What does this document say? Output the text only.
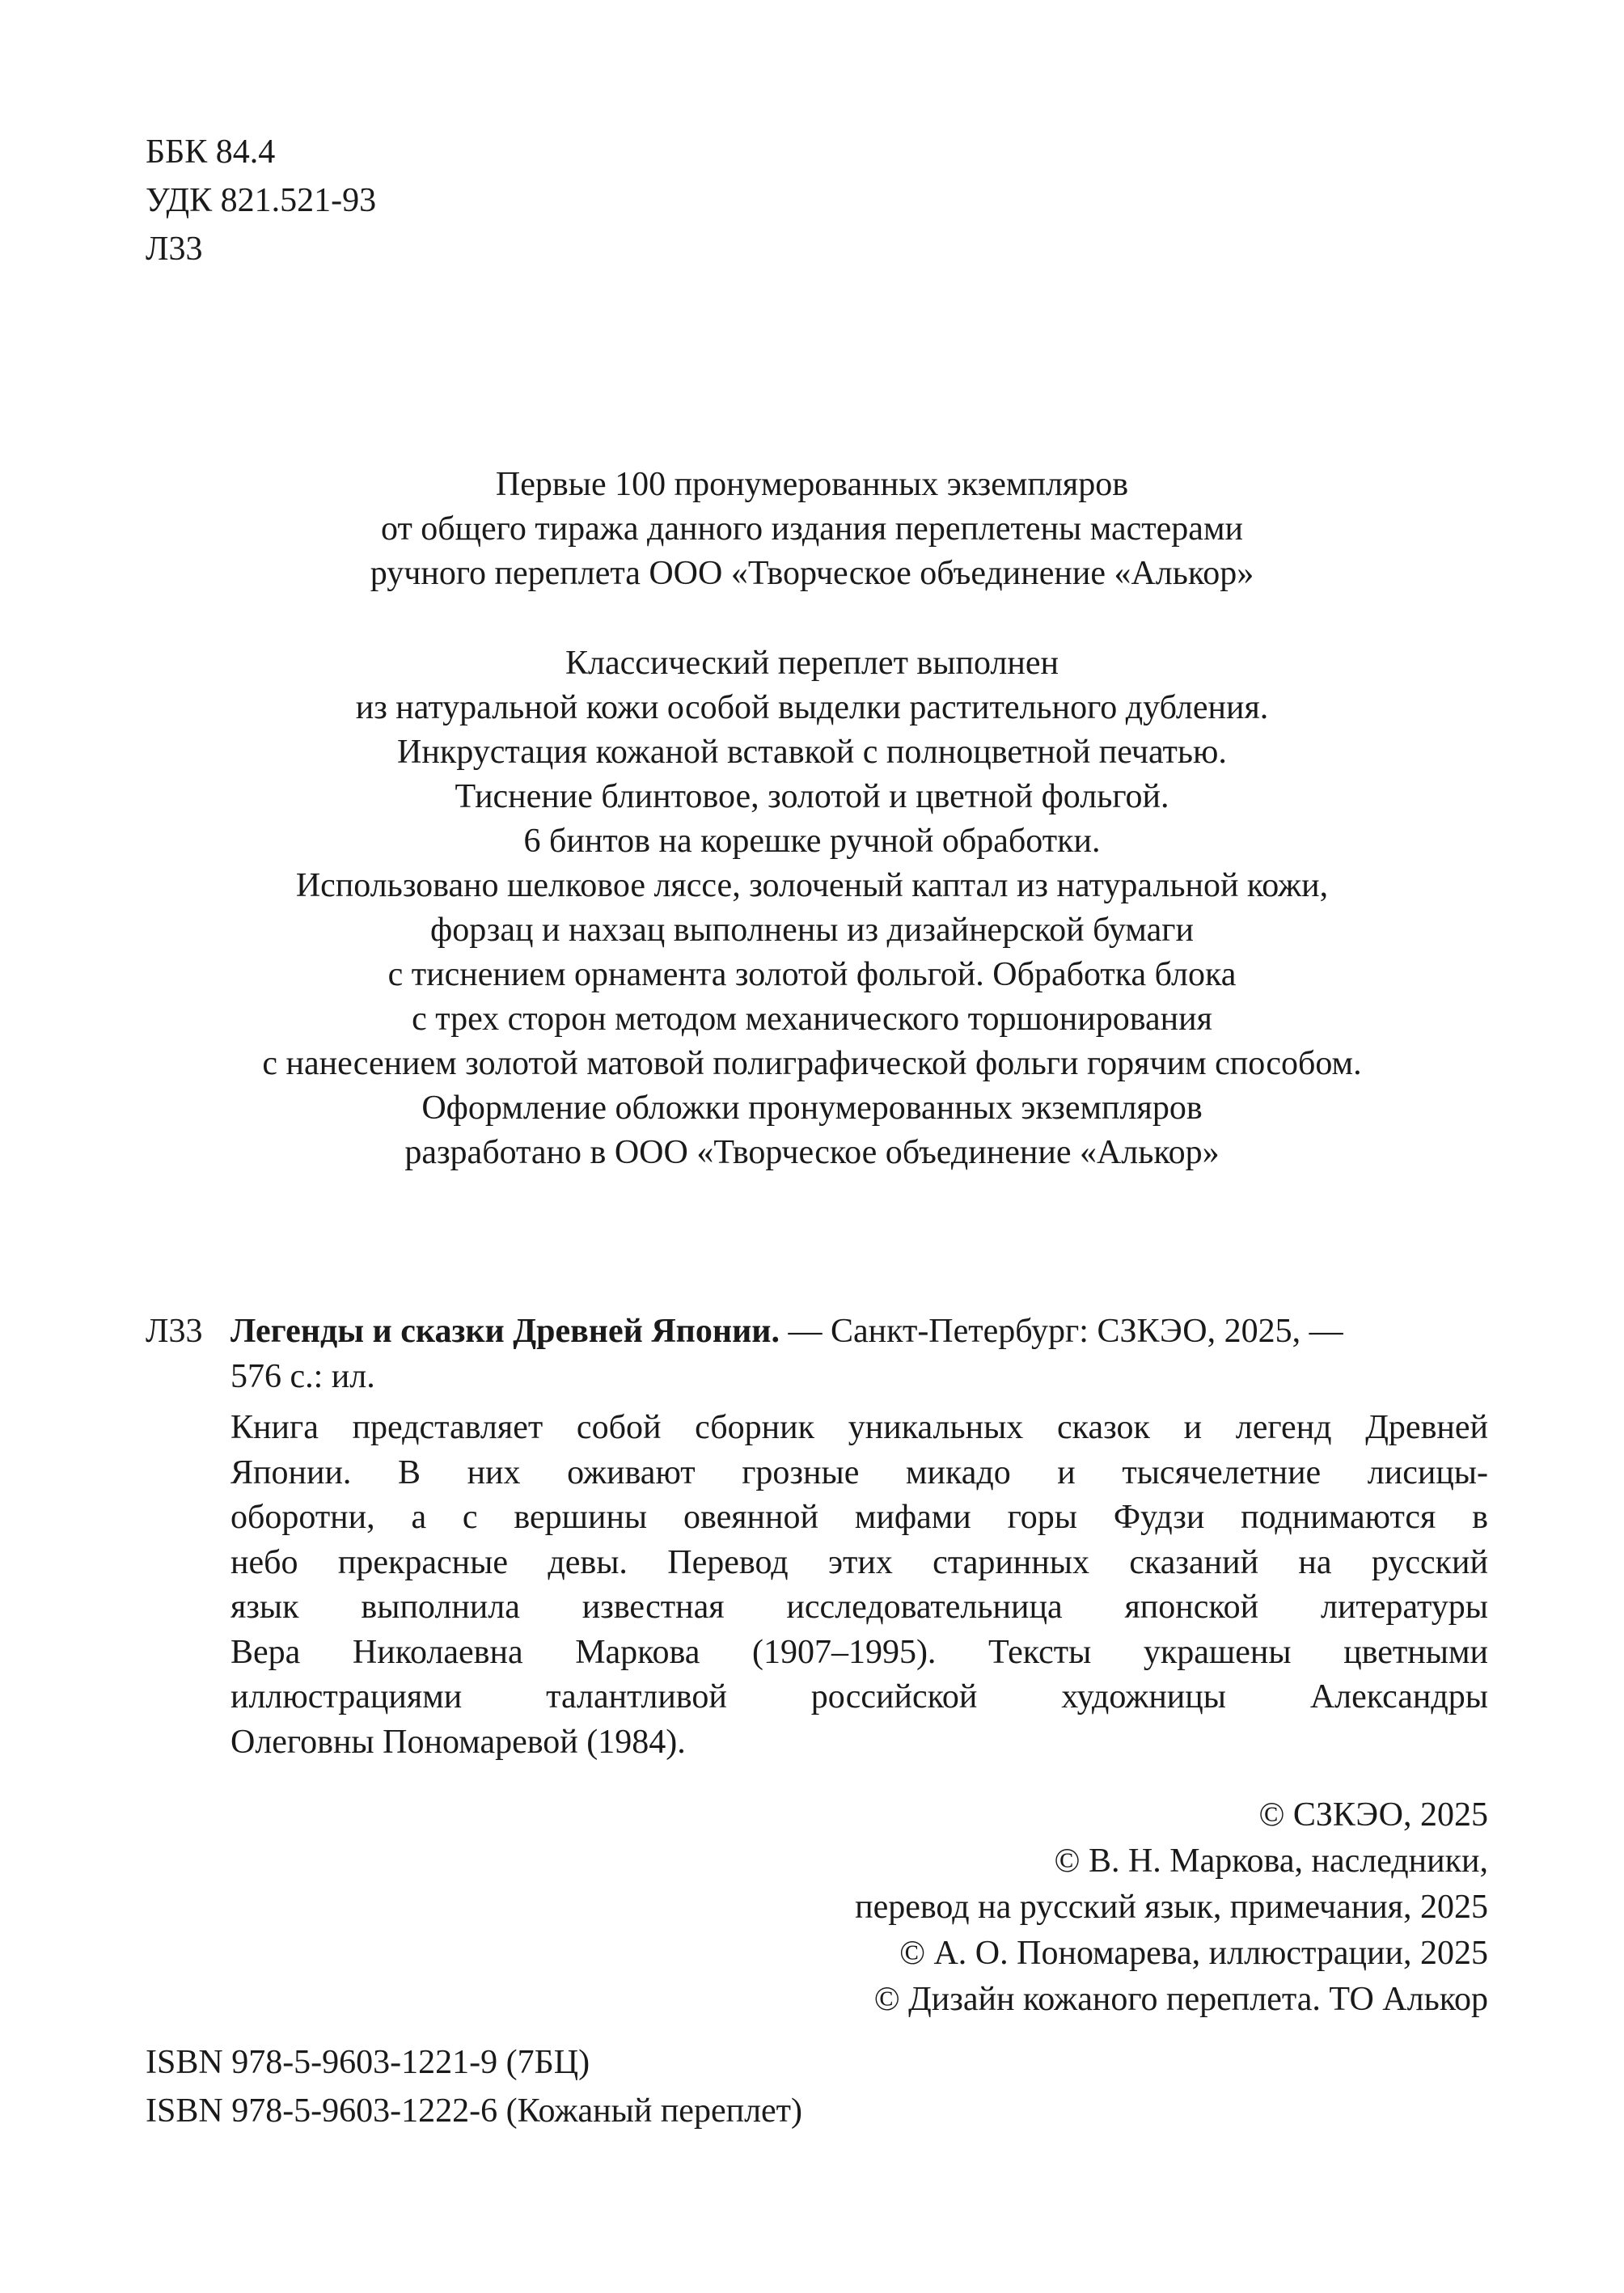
ББК 84.4
УДК 821.521-93
Л33
Первые 100 пронумерованных экземпляров
от общего тиража данного издания переплетены мастерами
ручного переплета ООО «Творческое объединение «Алькор»
Классический переплет выполнен
из натуральной кожи особой выделки растительного дубления.
Инкрустация кожаной вставкой с полноцветной печатью.
Тиснение блинтовое, золотой и цветной фольгой.
6 бинтов на корешке ручной обработки.
Использовано шелковое ляссе, золоченый каптал из натуральной кожи,
форзац и нахзац выполнены из дизайнерской бумаги
с тиснением орнамента золотой фольгой. Обработка блока
с трех сторон методом механического торшонирования
с нанесением золотой матовой полиграфической фольги горячим способом.
Оформление обложки пронумерованных экземпляров
разработано в ООО «Творческое объединение «Алькор»
Л33 Легенды и сказки Древней Японии. — Санкт-Петербург: СЗКЭО, 2025, —
576 с.: ил.
Книга представляет собой сборник уникальных сказок и легенд Древней
Японии. В них оживают грозные микадо и тысячелетние лисицы-
оборотни, а с вершины овеянной мифами горы Фудзи поднимаются в
небо прекрасные девы. Перевод этих старинных сказаний на русский
язык выполнила известная исследовательница японской литературы
Вера Николаевна Маркова (1907–1995). Тексты украшены цветными
иллюстрациями талантливой российской художницы Александры
Олеговны Пономаревой (1984).
© СЗКЭО, 2025
© В. Н. Маркова, наследники,
перевод на русский язык, примечания, 2025
© А. О. Пономарева, иллюстрации, 2025
© Дизайн кожаного переплета. ТО Алькор
ISBN 978-5-9603-1221-9 (7БЦ)
ISBN 978-5-9603-1222-6 (Кожаный переплет)
